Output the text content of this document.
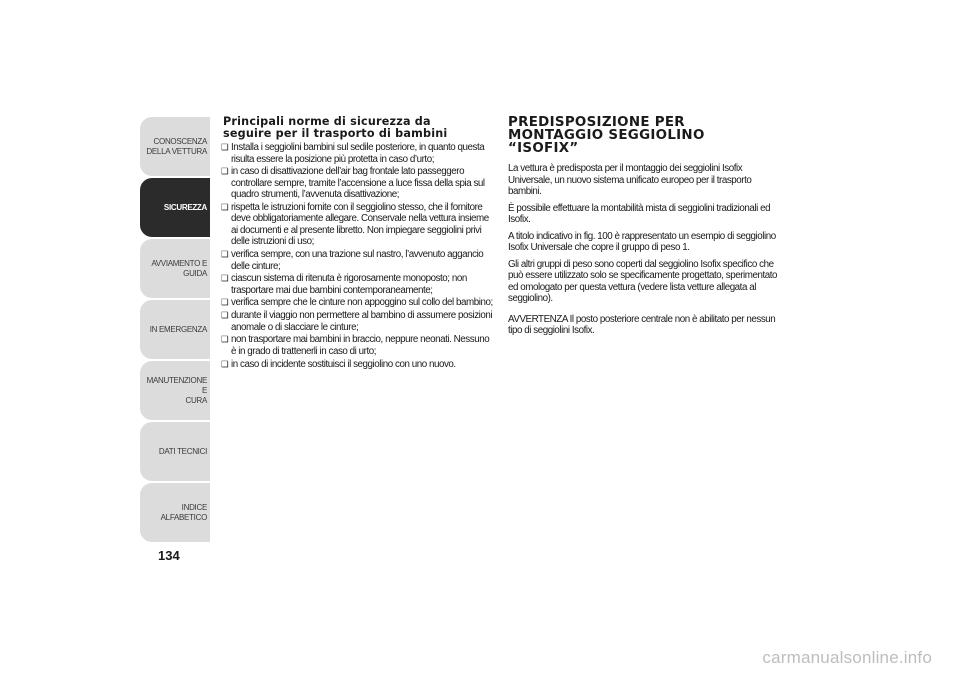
CONOSCENZA
DELLA VETTURA
SICUREZZA
AVVIAMENTO E
GUIDA
IN EMERGENZA
MANUTENZIONE E
CURA
DATI TECNICI
INDICE ALFABETICO
134
Principali norme di sicurezza da
seguire per il trasporto di bambini
❑ Installa i seggiolini bambini sul sedile posteriore, in quanto questa risulta essere la posizione più protetta in caso d’urto;
❑ in caso di disattivazione dell’air bag frontale lato passeggero controllare sempre, tramite l’accensione a luce fissa della spia sul quadro strumenti, l’avvenuta disattivazione;
❑ rispetta le istruzioni fornite con il seggiolino stesso, che il fornitore deve obbligatoriamente allegare. Conservale nella vettura insieme ai documenti e al presente libretto. Non impiegare seggiolini privi delle istruzioni di uso;
❑ verifica sempre, con una trazione sul nastro, l’avvenuto aggancio delle cinture;
❑ ciascun sistema di ritenuta è rigorosamente monoposto; non trasportare mai due bambini contemporaneamente;
❑ verifica sempre che le cinture non appoggino sul collo del bambino;
❑ durante il viaggio non permettere al bambino di assumere posizioni anomale o di slacciare le cinture;
❑ non trasportare mai bambini in braccio, neppure neonati. Nessuno è in grado di trattenerli in caso di urto;
❑ in caso di incidente sostituisci il seggiolino con uno nuovo.
PREDISPOSIZIONE PER
MONTAGGIO SEGGIOLINO
“ISOFIX”

La vettura è predisposta per il montaggio dei seggiolini Isofix Universale, un nuovo sistema unificato europeo per il trasporto bambini.

È possibile effettuare la montabilità mista di seggiolini tradizionali ed Isofix.

A titolo indicativo in fig. 100 è rappresentato un esempio di seggiolino Isofix Universale che copre il gruppo di peso 1.

Gli altri gruppi di peso sono coperti dal seggiolino Isofix specifico che può essere utilizzato solo se specificamente progettato, sperimentato ed omologato per questa vettura (vedere lista vetture allegata al seggiolino).

AVVERTENZA Il posto posteriore centrale non è abilitato per nessun tipo di seggiolini Isofix.

carmanualsonline.info
